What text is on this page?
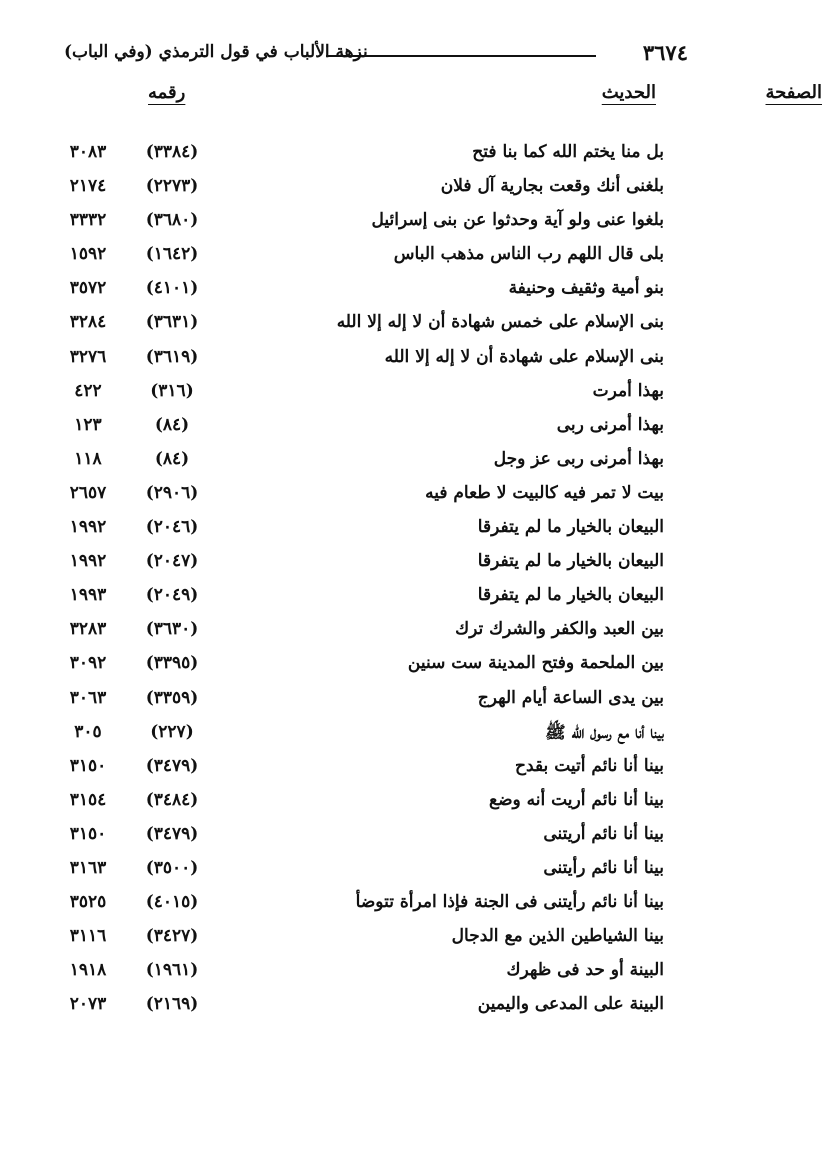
نزهة الألباب في قول الترمذي (وفي الباب)	٣٦٧٤
الحديث
رقمه	الصفحة
بل منا يختم الله كما بنا فتح
(٣٣٨٤)
٣٠٨٣
بلغنى أنك وقعت بجارية آل فلان
(٢٢٧٣)
٢١٧٤
بلغوا عنى ولو آية وحدثوا عن بنى إسرائيل
(٣٦٨٠)
٣٣٣٢
بلى قال اللهم رب الناس مذهب الباس
(١٦٤٢)
١٥٩٢
بنو أمية وثقيف وحنيفة
(٤١٠١)
٣٥٧٢
بنى الإسلام على خمس شهادة أن لا إله إلا الله
(٣٦٣١)
٣٢٨٤
بنى الإسلام على شهادة أن لا إله إلا الله
(٣٦١٩)
٣٢٧٦
بهذا أمرت
(٣١٦)
٤٢٢
بهذا أمرنى ربى
(٨٤)
١٢٣
بهذا أمرنى ربى عز وجل
(٨٤)
١١٨
بيت لا تمر فيه كالبيت لا طعام فيه
(٢٩٠٦)
٢٦٥٧
البيعان بالخيار ما لم يتفرقا
(٢٠٤٦)
١٩٩٢
البيعان بالخيار ما لم يتفرقا
(٢٠٤٧)
١٩٩٢
البيعان بالخيار ما لم يتفرقا
(٢٠٤٩)
١٩٩٣
بين العبد والكفر والشرك ترك
(٣٦٣٠)
٣٢٨٣
بين الملحمة وفتح المدينة ست سنين
(٣٣٩٥)
٣٠٩٢
بين يدى الساعة أيام الهرج
(٣٣٥٩)
٣٠٦٣
بينا أنا مع رسول الله ﷺ
(٢٢٧)
٣٠٥
بينا أنا نائم أتيت بقدح
(٣٤٧٩)
٣١٥٠
بينا أنا نائم أريت أنه وضع
(٣٤٨٤)
٣١٥٤
بينا أنا نائم أريتنى
(٣٤٧٩)
٣١٥٠
بينا أنا نائم رأيتنى
(٣٥٠٠)
٣١٦٣
بينا أنا نائم رأيتنى فى الجنة فإذا امرأة تتوضأ
(٤٠١٥)
٣٥٢٥
بينا الشياطين الذين مع الدجال
(٣٤٢٧)
٣١١٦
البينة أو حد فى ظهرك
(١٩٦١)
١٩١٨
البينة على المدعى واليمين
(٢١٦٩)
٢٠٧٣
